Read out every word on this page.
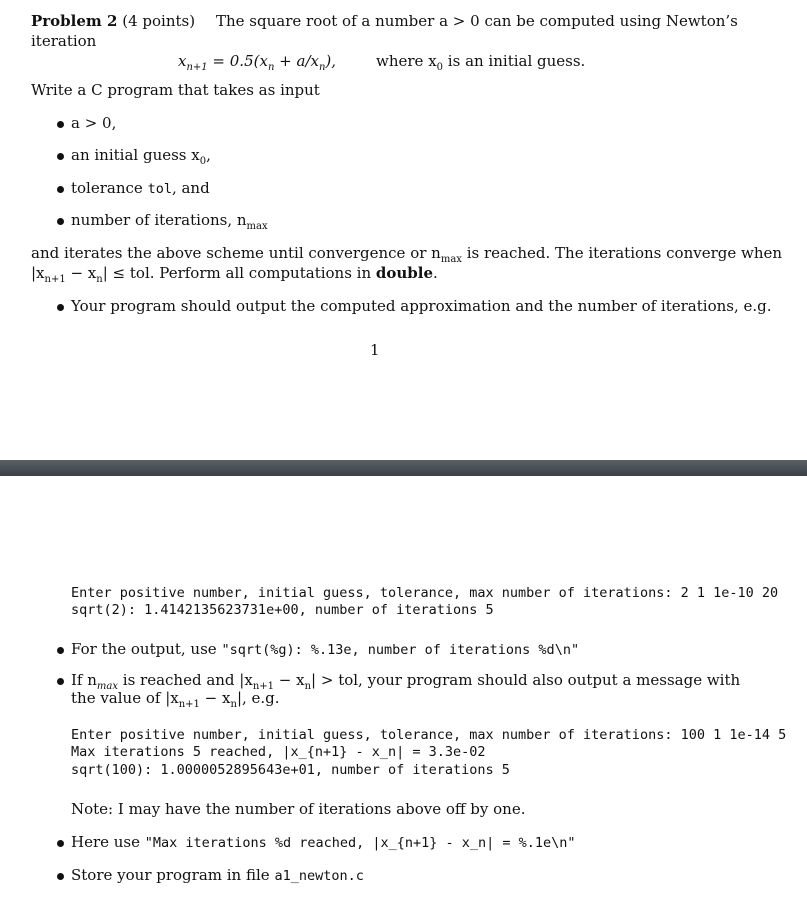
Problem 2 (4 points) The square root of a number a > 0 can be computed using Newton’s
iteration
$x_{n+1} = 0.5(x_n + a/x_n)$,	where $x_0$ is an initial guess.
Write a C program that takes as input
a > 0,
an initial guess $x_0$,
tolerance tol, and
number of iterations, $n_{max}$
and iterates the above scheme until convergence or $n_{max}$ is reached. The iterations converge when
$|x_{n+1} - x_n|$ ≤ tol. Perform all computations in double.
Your program should output the computed approximation and the number of iterations, e.g.
1
Enter positive number, initial guess, tolerance, max number of iterations: 2 1 1e-10 20
sqrt(2): 1.4142135623731e+00, number of iterations 5
For the output, use "sqrt(%g): %.13e, number of iterations %d\n"
If $n_{max}$ is reached and $|x_{n+1} - x_n|$ > tol, your program should also output a message with
the value of $|x_{n+1} - x_n|$, e.g.
Enter positive number, initial guess, tolerance, max number of iterations: 100 1 1e-14 5
Max iterations 5 reached, |x_{n+1} - x_n| = 3.3e-02
sqrt(100): 1.0000052895643e+01, number of iterations 5
Note: I may have the number of iterations above off by one.
Here use "Max iterations %d reached, |x_{n+1} - x_n| = %.1e\n"
Store your program in file a1_newton.c
